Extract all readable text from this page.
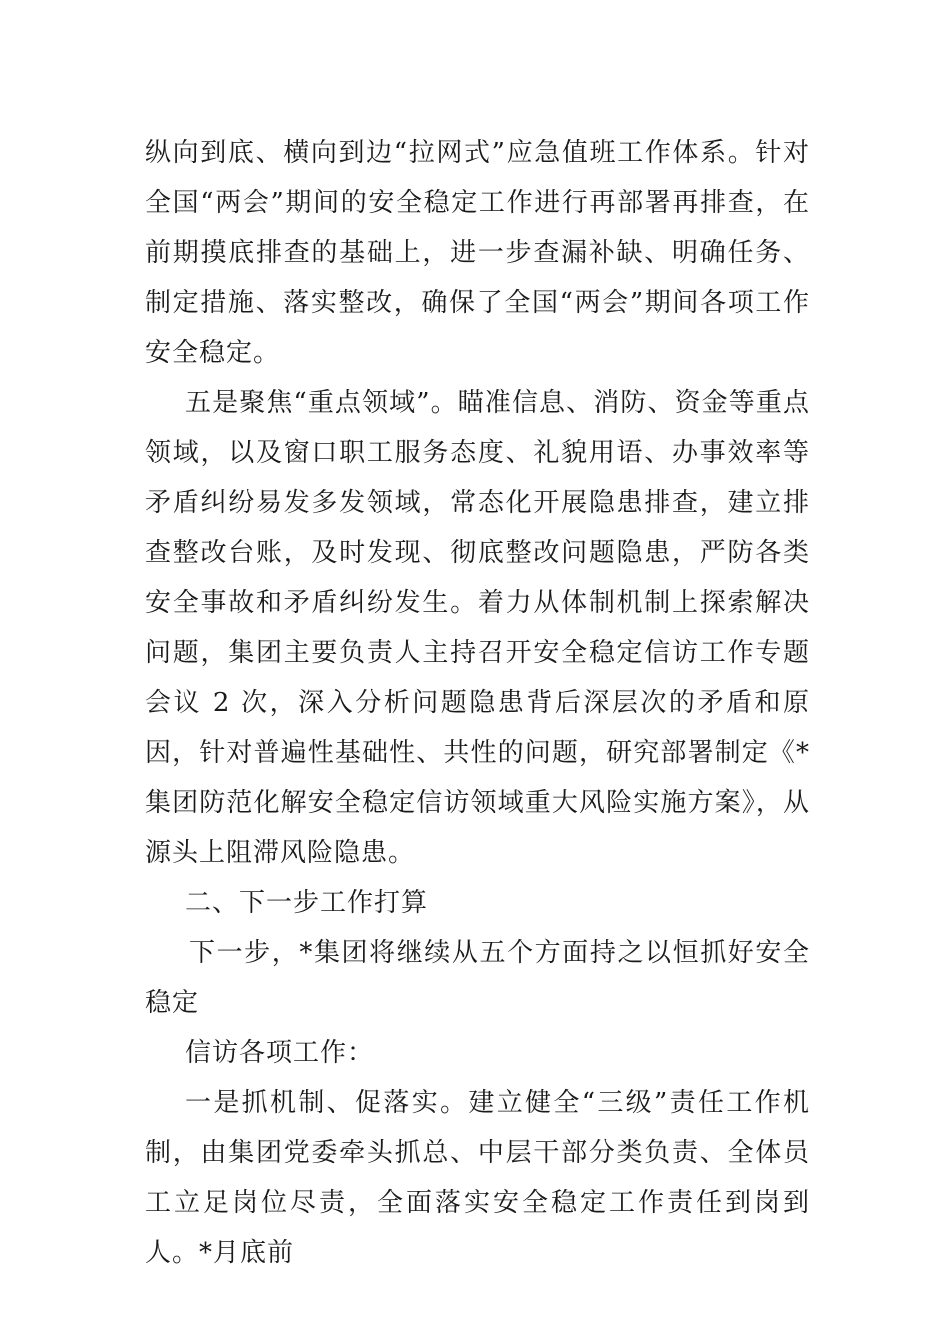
纵向到底、横向到边“拉网式”应急值班工作体系。针对全国“两会”期间的安全稳定工作进行再部署再排查，在前期摸底排查的基础上，进一步查漏补缺、明确任务、制定措施、落实整改，确保了全国“两会”期间各项工作安全稳定。

五是聚焦“重点领域”。瞄准信息、消防、资金等重点领域，以及窗口职工服务态度、礼貌用语、办事效率等矛盾纠纷易发多发领域，常态化开展隐患排查，建立排查整改台账，及时发现、彻底整改问题隐患，严防各类安全事故和矛盾纠纷发生。着力从体制机制上探索解决问题，集团主要负责人主持召开安全稳定信访工作专题会议 2 次，深入分析问题隐患背后深层次的矛盾和原因，针对普遍性基础性、共性的问题，研究部署制定《*集团防范化解安全稳定信访领域重大风险实施方案》，从源头上阻滞风险隐患。

二、下一步工作打算

下一步，*集团将继续从五个方面持之以恒抓好安全稳定

信访各项工作：

一是抓机制、促落实。建立健全“三级”责任工作机制，由集团党委牵头抓总、中层干部分类负责、全体员工立足岗位尽责，全面落实安全稳定工作责任到岗到人。*月底前
